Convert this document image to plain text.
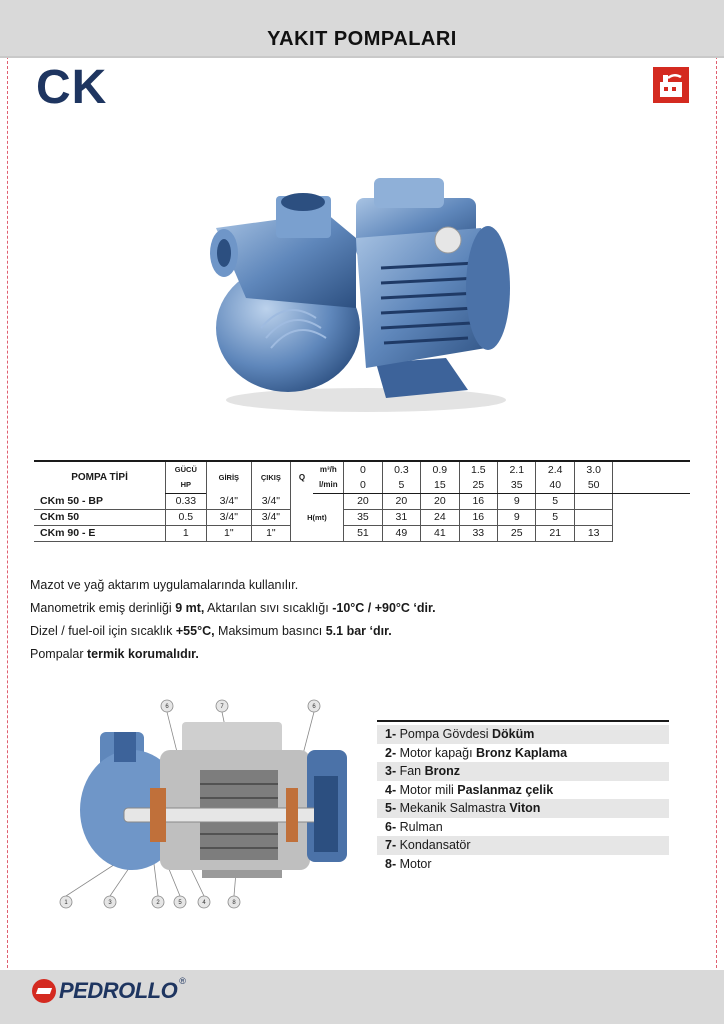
YAKIT POMPALARI
CK
POMPA TİPİ	GÜCÜ	GİRİŞ	ÇIKIŞ	Q	m³/h	0	0.3	0.9	1.5	2.1	2.4	3.0	
	HP				l/min	0	5	15	25	35	40	50	
CKm 50 - BP	0.33	3/4"	3/4"	H(mt)		20	20	20	16	9	5		
CKm 50	0.5	3/4"	3/4"			35	31	24	16	9	5		
CKm 90 - E	1	1"	1"			51	49	41	33	25	21	13	
Mazot ve yağ aktarım uygulamalarında kullanılır.
Manometrik emiş derinliği 9 mt, Aktarılan sıvı sıcaklığı -10°C / +90°C ‘dir.
Dizel / fuel-oil için sıcaklık +55°C, Maksimum basıncı 5.1 bar ‘dır.
Pompalar termik korumalıdır.
6	7	6
1	3	2	5	4	8
1- Pompa Gövdesi Döküm
2- Motor kapağı Bronz Kaplama
3- Fan Bronz
4- Motor mili Paslanmaz çelik
5- Mekanik Salmastra Viton
6- Rulman
7- Kondansatör
8- Motor
PEDROLLO ®
